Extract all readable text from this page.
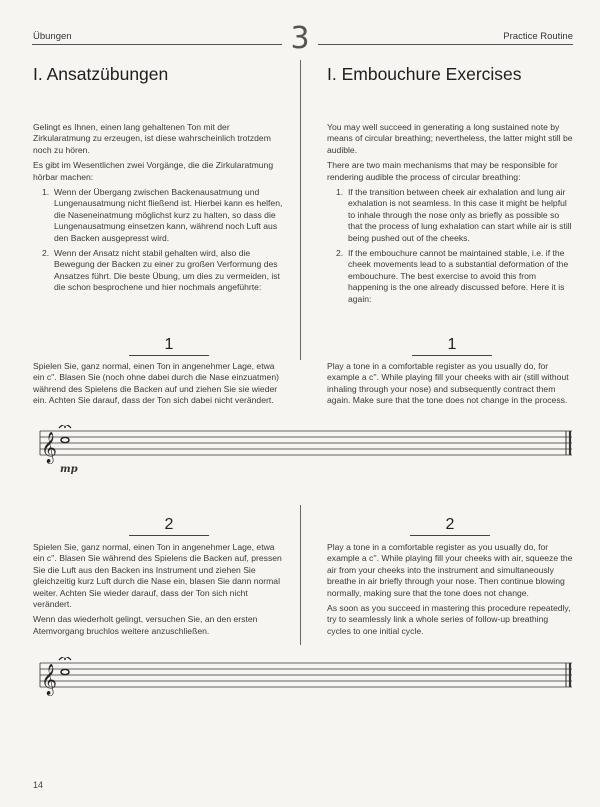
Übungen	3	Practice Routine
I. Ansatzübungen	I. Embouchure Exercises

Gelingt es Ihnen, einen lang gehaltenen Ton mit der Zirkularatmung zu erzeugen, ist diese wahrscheinlich trotzdem noch zu hören.

Es gibt im Wesentlichen zwei Vorgänge, die die Zirkularatmung hörbar machen:

1. Wenn der Übergang zwischen Backenausatmung und Lungenausatmung nicht fließend ist. Hierbei kann es helfen, die Naseneinatmung möglichst kurz zu halten, so dass die Lungenausatmung einsetzen kann, während noch Luft aus den Backen ausgepresst wird.
2. Wenn der Ansatz nicht stabil gehalten wird, also die Bewegung der Backen zu einer zu großen Verformung des Ansatzes führt. Die beste Übung, um dies zu vermeiden, ist die schon besprochene und hier nochmals angeführte:

You may well succeed in generating a long sustained note by means of circular breathing; nevertheless, the latter might still be audible.

There are two main mechanisms that may be responsible for rendering audible the process of circular breathing:

1. If the transition between cheek air exhalation and lung air exhalation is not seamless. In this case it might be helpful to inhale through the nose only as briefly as possible so that the process of lung exhalation can start while air is still being pushed out of the cheeks.
2. If the embouchure cannot be maintained stable, i.e. if the cheek movements lead to a substantial deformation of the embouchure. The best exercise to avoid this from happening is the one already discussed before. Here it is again:
1	1

Spielen Sie, ganz normal, einen Ton in angenehmer Lage, etwa ein c''. Blasen Sie (noch ohne dabei durch die Nase einzuatmen) während des Spielens die Backen auf und ziehen Sie sie wieder ein. Achten Sie darauf, dass der Ton sich dabei nicht verändert.

Play a tone in a comfortable register as you usually do, for example a c''. While playing fill your cheeks with air (still without inhaling through your nose) and subsequently contract them again. Make sure that the tone does not change in the process.

𝄞
mp
2	2

Spielen Sie, ganz normal, einen Ton in angenehmer Lage, etwa ein c''. Blasen Sie während des Spielens die Backen auf, pressen Sie die Luft aus den Backen ins Instrument und ziehen Sie gleichzeitig kurz Luft durch die Nase ein, blasen Sie dann normal weiter. Achten Sie wieder darauf, dass der Ton sich nicht verändert.

Wenn das wiederholt gelingt, versuchen Sie, an den ersten Atemvorgang bruchlos weitere anzuschließen.

Play a tone in a comfortable register as you usually do, for example a c''. While playing fill your cheeks with air, squeeze the air from your cheeks into the instrument and simultaneously breathe in air briefly through your nose. Then continue blowing normally, making sure that the tone does not change.

As soon as you succeed in mastering this procedure repeatedly, try to seamlessly link a whole series of follow-up breathing cycles to one initial cycle.

𝄞
14
